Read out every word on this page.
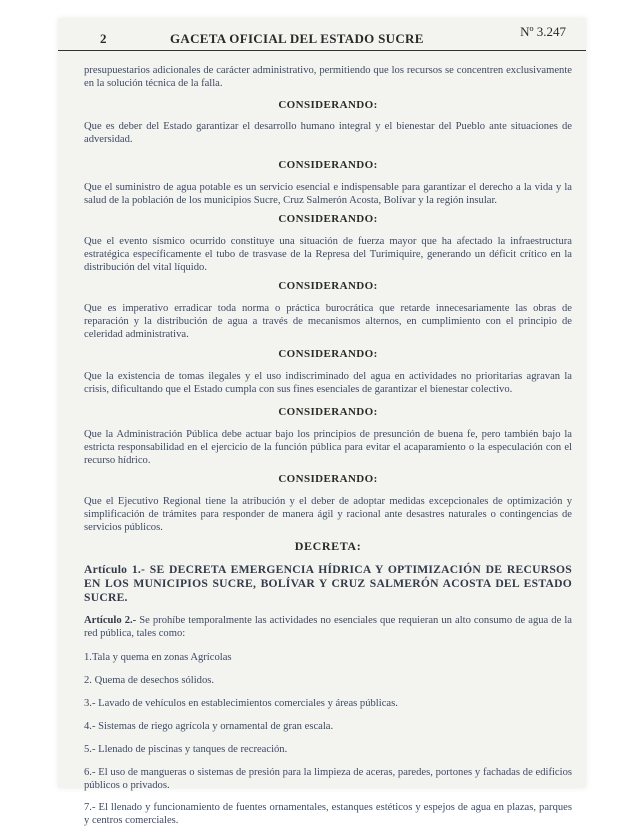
2	GACETA OFICIAL DEL ESTADO SUCRE	Nº 3.247

presupuestarios adicionales de carácter administrativo, permitiendo que los recursos se concentren exclusivamente en la solución técnica de la falla.

CONSIDERANDO:

Que es deber del Estado garantizar el desarrollo humano integral y el bienestar del Pueblo ante situaciones de adversidad.

CONSIDERANDO:

Que el suministro de agua potable es un servicio esencial e indispensable para garantizar el derecho a la vida y la salud de la población de los municipios Sucre, Cruz Salmerón Acosta, Bolívar y la región insular.

CONSIDERANDO:

Que el evento sísmico ocurrido constituye una situación de fuerza mayor que ha afectado la infraestructura estratégica específicamente el tubo de trasvase de la Represa del Turimiquire, generando un déficit crítico en la distribución del vital líquido.

CONSIDERANDO:

Que es imperativo erradicar toda norma o práctica burocrática que retarde innecesariamente las obras de reparación y la distribución de agua a través de mecanismos alternos, en cumplimiento con el principio de celeridad administrativa.

CONSIDERANDO:

Que la existencia de tomas ilegales y el uso indiscriminado del agua en actividades no prioritarias agravan la crisis, dificultando que el Estado cumpla con sus fines esenciales de garantizar el bienestar colectivo.

CONSIDERANDO:

Que la Administración Pública debe actuar bajo los principios de presunción de buena fe, pero también bajo la estricta responsabilidad en el ejercicio de la función pública para evitar el acaparamiento o la especulación con el recurso hídrico.

CONSIDERANDO:

Que el Ejecutivo Regional tiene la atribución y el deber de adoptar medidas excepcionales de optimización y simplificación de trámites para responder de manera ágil y racional ante desastres naturales o contingencias de servicios públicos.

DECRETA:

Artículo 1.- SE DECRETA EMERGENCIA HÍDRICA Y OPTIMIZACIÓN DE RECURSOS EN LOS MUNICIPIOS SUCRE, BOLÍVAR Y CRUZ SALMERÓN ACOSTA DEL ESTADO SUCRE.

Artículo 2.- Se prohíbe temporalmente las actividades no esenciales que requieran un alto consumo de agua de la red pública, tales como:

1.Tala y quema en zonas Agrícolas

2. Quema de desechos sólidos.

3.- Lavado de vehículos en establecimientos comerciales y áreas públicas.

4.- Sistemas de riego agrícola y ornamental de gran escala.

5.- Llenado de piscinas y tanques de recreación.

6.- El uso de mangueras o sistemas de presión para la limpieza de aceras, paredes, portones y fachadas de edificios públicos o privados.

7.- El llenado y funcionamiento de fuentes ornamentales, estanques estéticos y espejos de agua en plazas, parques y centros comerciales.
